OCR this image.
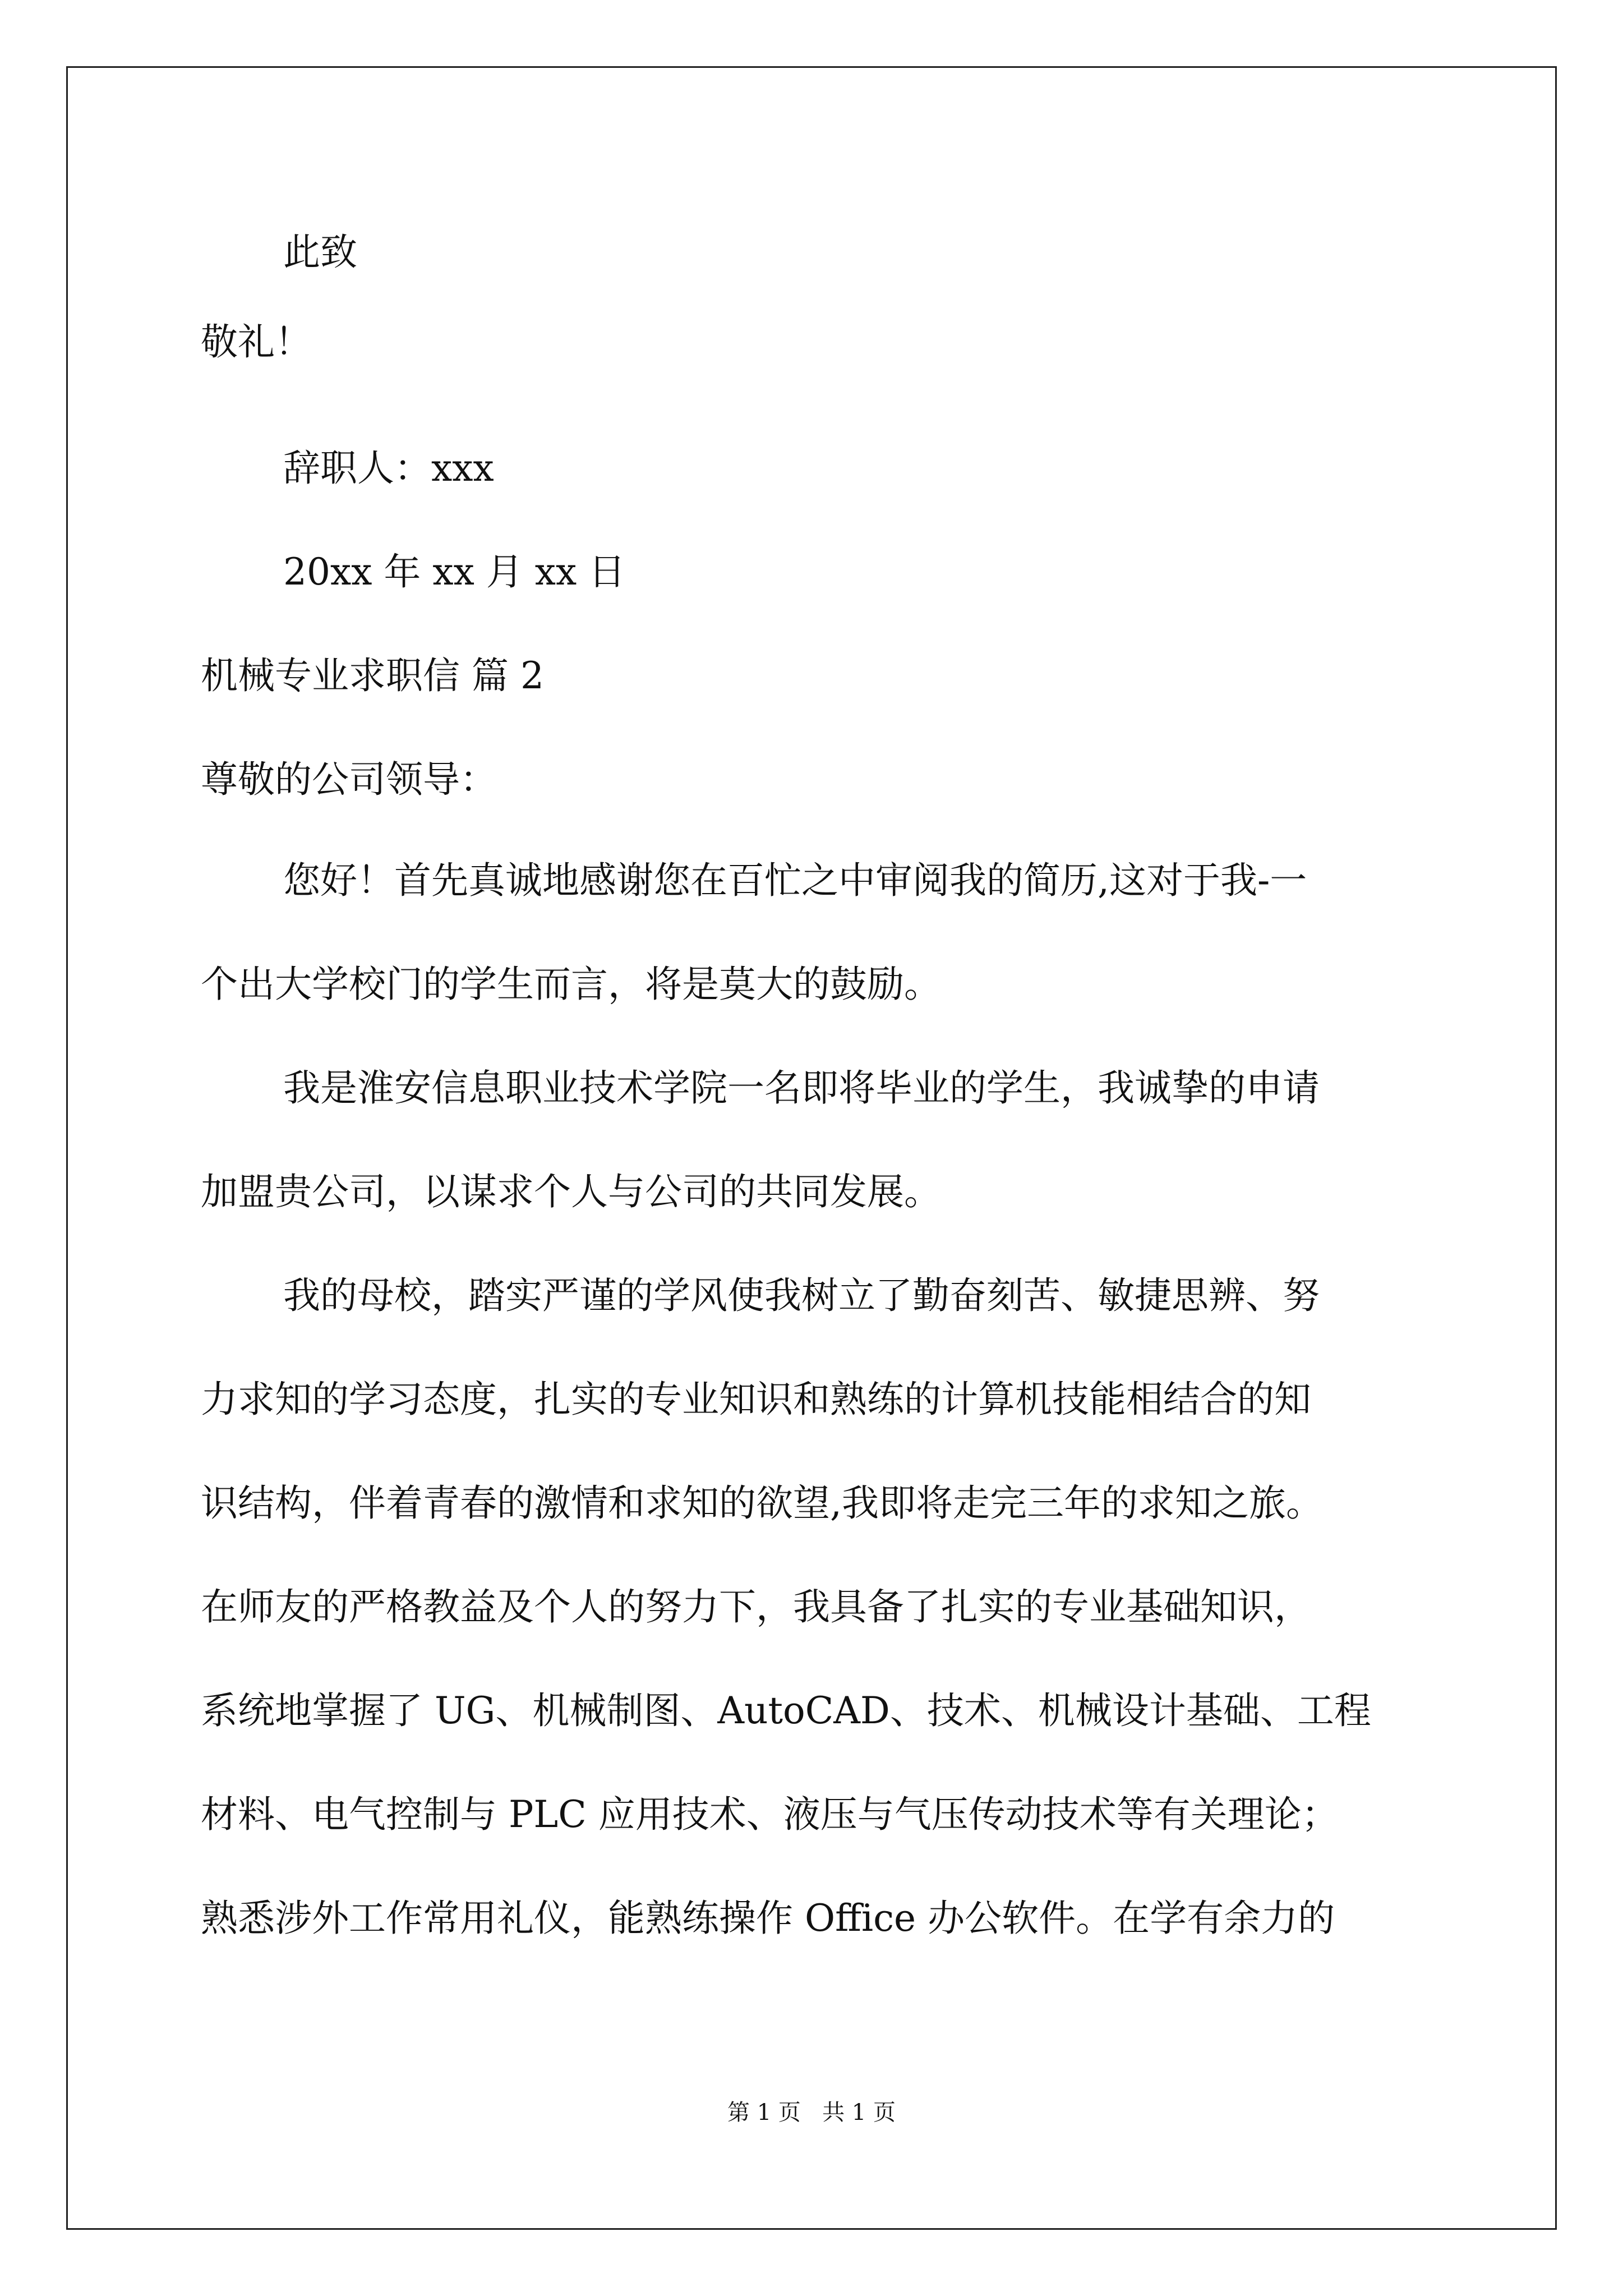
此致

敬礼！

辞职人：xxx

20xx 年 xx 月 xx 日

机械专业求职信 篇 2

尊敬的公司领导：

您好！首先真诚地感谢您在百忙之中审阅我的简历,这对于我-一

个出大学校门的学生而言，将是莫大的鼓励。

我是淮安信息职业技术学院一名即将毕业的学生，我诚挚的申请

加盟贵公司，以谋求个人与公司的共同发展。

我的母校，踏实严谨的学风使我树立了勤奋刻苦、敏捷思辨、努

力求知的学习态度，扎实的专业知识和熟练的计算机技能相结合的知

识结构，伴着青春的激情和求知的欲望,我即将走完三年的求知之旅。

在师友的严格教益及个人的努力下，我具备了扎实的专业基础知识，

系统地掌握了 UG、机械制图、AutoCAD、技术、机械设计基础、工程

材料、电气控制与 PLC 应用技术、液压与气压传动技术等有关理论；

熟悉涉外工作常用礼仪，能熟练操作 Office 办公软件。在学有余力的

第 1 页   共 1 页
